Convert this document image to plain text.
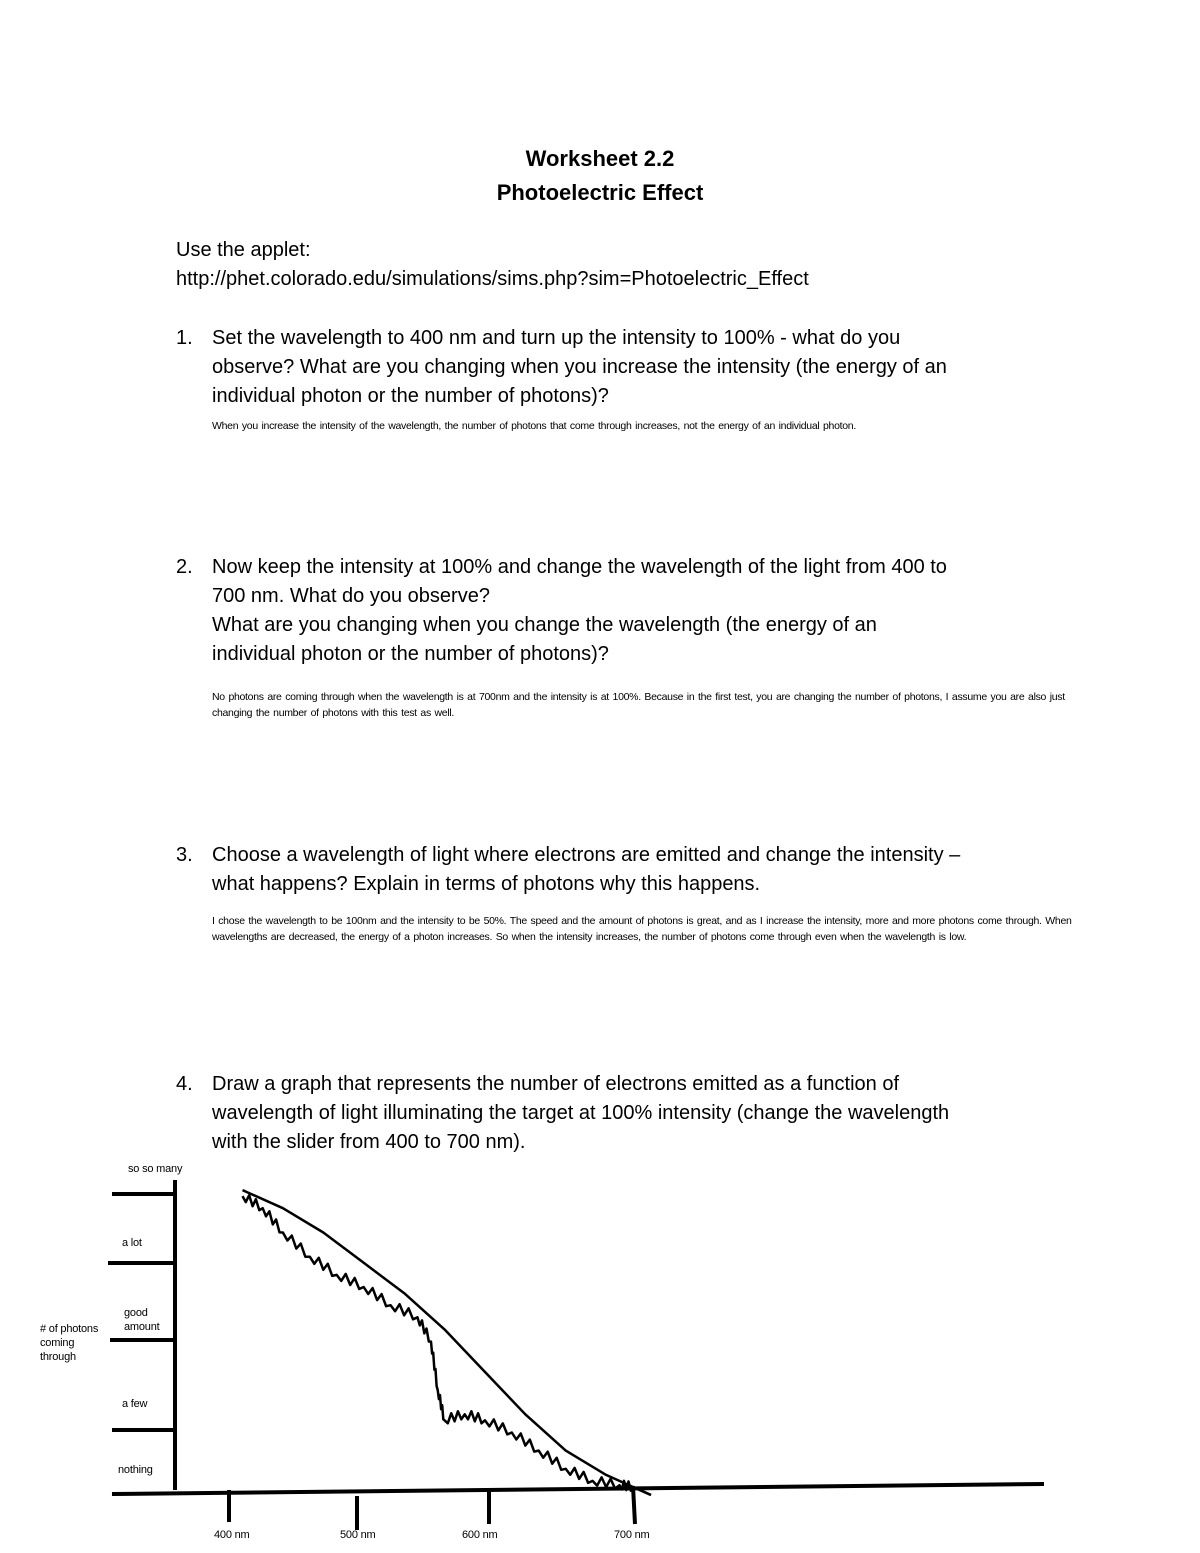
Worksheet 2.2
Photoelectric Effect
Use the applet:
http://phet.colorado.edu/simulations/sims.php?sim=Photoelectric_Effect
1. Set the wavelength to 400 nm and turn up the intensity to 100% - what do you
observe? What are you changing when you increase the intensity (the energy of an
individual photon or the number of photons)?
When you increase the intensity of the wavelength, the number of photons that come through increases, not the energy of an individual photon.
2. Now keep the intensity at 100% and change the wavelength of the light from 400 to
700 nm. What do you observe?
What are you changing when you change the wavelength (the energy of an
individual photon or the number of photons)?
No photons are coming through when the wavelength is at 700nm and the intensity is at 100%. Because in the first test, you are changing the number of photons, I assume you are also just changing the number of photons with this test as well.
3. Choose a wavelength of light where electrons are emitted and change the intensity –
what happens? Explain in terms of photons why this happens.
I chose the wavelength to be 100nm and the intensity to be 50%. The speed and the amount of photons is great, and as I increase the intensity, more and more photons come through. When wavelengths are decreased, the energy of a photon increases. So when the intensity increases, the number of photons come through even when the wavelength is low.
4. Draw a graph that represents the number of electrons emitted as a function of
wavelength of light illuminating the target at 100% intensity (change the wavelength
with the slider from 400 to 700 nm).
so so many
a lot
good amount
a few
nothing
# of photons coming through
400 nm	500 nm	600 nm	700 nm
